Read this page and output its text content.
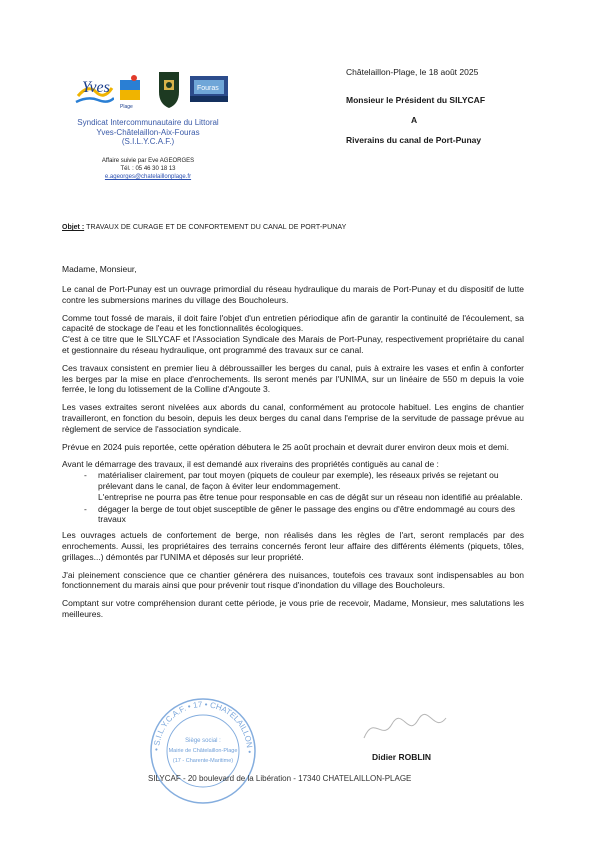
Yves
Plage
Fouras
Syndicat Intercommunautaire du Littoral
Yves-Châtelaillon-Aix-Fouras
(S.I.L.Y.C.A.F.)
Affaire suivie par Eve AGEORGES
Tél. : 05 46 30 18 13
e.ageorges@chatelaillonplage.fr
Châtelaillon-Plage, le 18 août 2025
Monsieur le Président du SILYCAF
A
Riverains du canal de Port-Punay
Objet : TRAVAUX DE CURAGE ET DE CONFORTEMENT DU CANAL DE PORT-PUNAY
Madame, Monsieur,

Le canal de Port-Punay est un ouvrage primordial du réseau hydraulique du marais de Port-Punay et du dispositif de lutte contre les submersions marines du village des Boucholeurs.

Comme tout fossé de marais, il doit faire l'objet d'un entretien périodique afin de garantir la continuité de l'écoulement, sa capacité de stockage de l'eau et les fonctionnalités écologiques.

C'est à ce titre que le SILYCAF et l'Association Syndicale des Marais de Port-Punay, respectivement propriétaire du canal et gestionnaire du réseau hydraulique, ont programmé des travaux sur ce canal.

Ces travaux consistent en premier lieu à débroussailler les berges du canal, puis à extraire les vases et enfin à conforter les berges par la mise en place d'enrochements. Ils seront menés par l'UNIMA, sur un linéaire de 550 m depuis la voie ferrée, le long du lotissement de la Colline d'Angoute 3.

Les vases extraites seront nivelées aux abords du canal, conformément au protocole habituel. Les engins de chantier travailleront, en fonction du besoin, depuis les deux berges du canal dans l'emprise de la servitude de passage prévue au règlement de service de l'association syndicale.

Prévue en 2024 puis reportée, cette opération débutera le 25 août prochain et devrait durer environ deux mois et demi.

Avant le démarrage des travaux, il est demandé aux riverains des propriétés contiguës au canal de :

- matérialiser clairement, par tout moyen (piquets de couleur par exemple), les réseaux privés se rejetant ou prélevant dans le canal, de façon à éviter leur endommagement.
L'entreprise ne pourra pas être tenue pour responsable en cas de dégât sur un réseau non identifié au préalable.
- dégager la berge de tout objet susceptible de gêner le passage des engins ou d'être endommagé au cours des travaux

Les ouvrages actuels de confortement de berge, non réalisés dans les règles de l'art, seront remplacés par des enrochements. Aussi, les propriétaires des terrains concernés feront leur affaire des différents éléments (piquets, tôles, grillages...) démontés par l'UNIMA et déposés sur leur propriété.

J'ai pleinement conscience que ce chantier générera des nuisances, toutefois ces travaux sont indispensables au bon fonctionnement du marais ainsi que pour prévenir tout risque d'inondation du village des Boucholeurs.

Comptant sur votre compréhension durant cette période, je vous prie de recevoir, Madame, Monsieur, mes salutations les meilleures.

• S.I.L.Y.C.A.F. • 17 • CHATELAILLON •
Siège social :
Mairie de Châtelaillon-Plage
(17 - Charente-Maritime)	Didier ROBLIN
SILYCAF - 20 boulevard de la Libération - 17340 CHATELAILLON-PLAGE
